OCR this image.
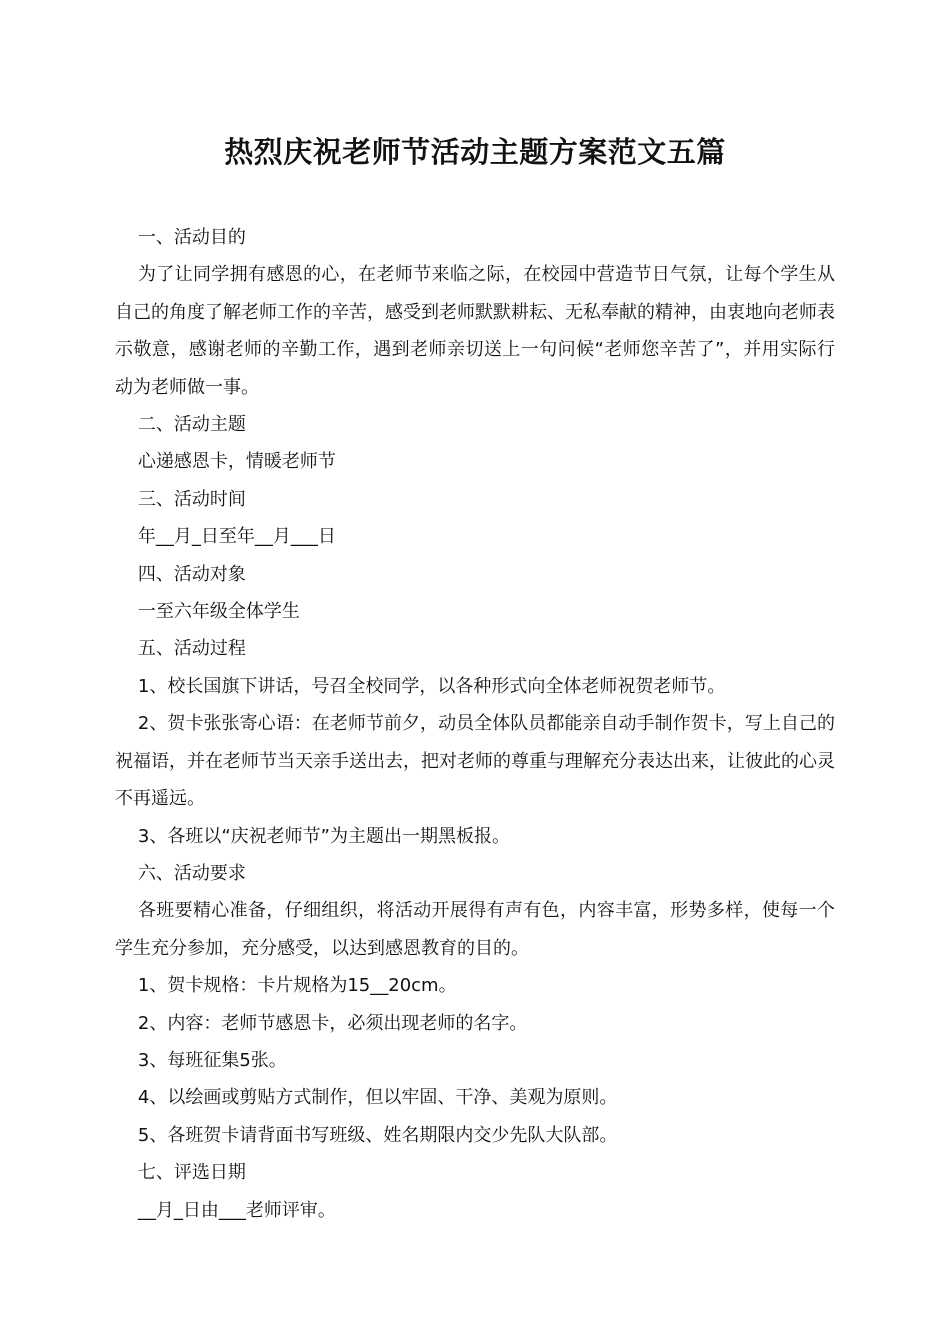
热烈庆祝老师节活动主题方案范文五篇

一、活动目的

为了让同学拥有感恩的心，在老师节来临之际，在校园中营造节日气氛，让每个学生从自己的角度了解老师工作的辛苦，感受到老师默默耕耘、无私奉献的精神，由衷地向老师表示敬意，感谢老师的辛勤工作，遇到老师亲切送上一句问候“老师您辛苦了”，并用实际行动为老师做一事。

二、活动主题

心递感恩卡，情暖老师节

三、活动时间

年__月_日至年__月___日

四、活动对象

一至六年级全体学生

五、活动过程

1、校长国旗下讲话，号召全校同学，以各种形式向全体老师祝贺老师节。

2、贺卡张张寄心语：在老师节前夕，动员全体队员都能亲自动手制作贺卡，写上自己的祝福语，并在老师节当天亲手送出去，把对老师的尊重与理解充分表达出来，让彼此的心灵不再遥远。

3、各班以“庆祝老师节”为主题出一期黑板报。

六、活动要求

各班要精心准备，仔细组织，将活动开展得有声有色，内容丰富，形势多样，使每一个学生充分参加，充分感受，以达到感恩教育的目的。

1、贺卡规格：卡片规格为15__20cm。

2、内容：老师节感恩卡，必须出现老师的名字。

3、每班征集5张。

4、以绘画或剪贴方式制作，但以牢固、干净、美观为原则。

5、各班贺卡请背面书写班级、姓名期限内交少先队大队部。

七、评选日期

__月_日由___老师评审。
